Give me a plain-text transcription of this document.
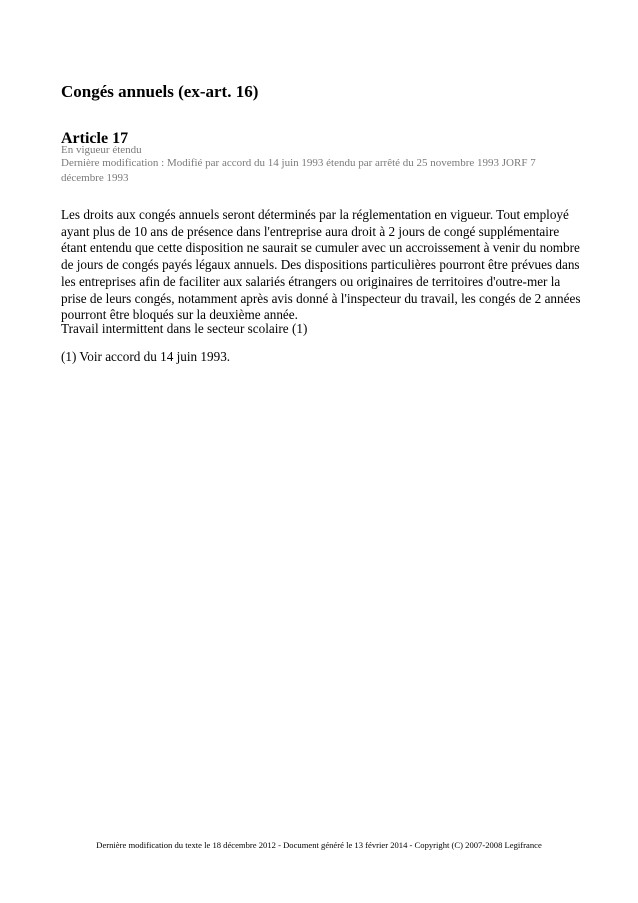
Congés annuels (ex-art. 16)
Article 17
En vigueur étendu
Dernière modification : Modifié par accord du 14 juin 1993 étendu par arrêté du 25 novembre 1993 JORF 7 décembre 1993

Les droits aux congés annuels seront déterminés par la réglementation en vigueur. Tout employé ayant plus de 10 ans de présence dans l'entreprise aura droit à 2 jours de congé supplémentaire étant entendu que cette disposition ne saurait se cumuler avec un accroissement à venir du nombre de jours de congés payés légaux annuels. Des dispositions particulières pourront être prévues dans les entreprises afin de faciliter aux salariés étrangers ou originaires de territoires d'outre-mer la prise de leurs congés, notamment après avis donné à l'inspecteur du travail, les congés de 2 années pourront être bloqués sur la deuxième année.

Travail intermittent dans le secteur scolaire (1)

(1) Voir accord du 14 juin 1993.

Dernière modification du texte le 18 décembre 2012 - Document généré le 13 février 2014 - Copyright (C) 2007-2008 Legifrance
